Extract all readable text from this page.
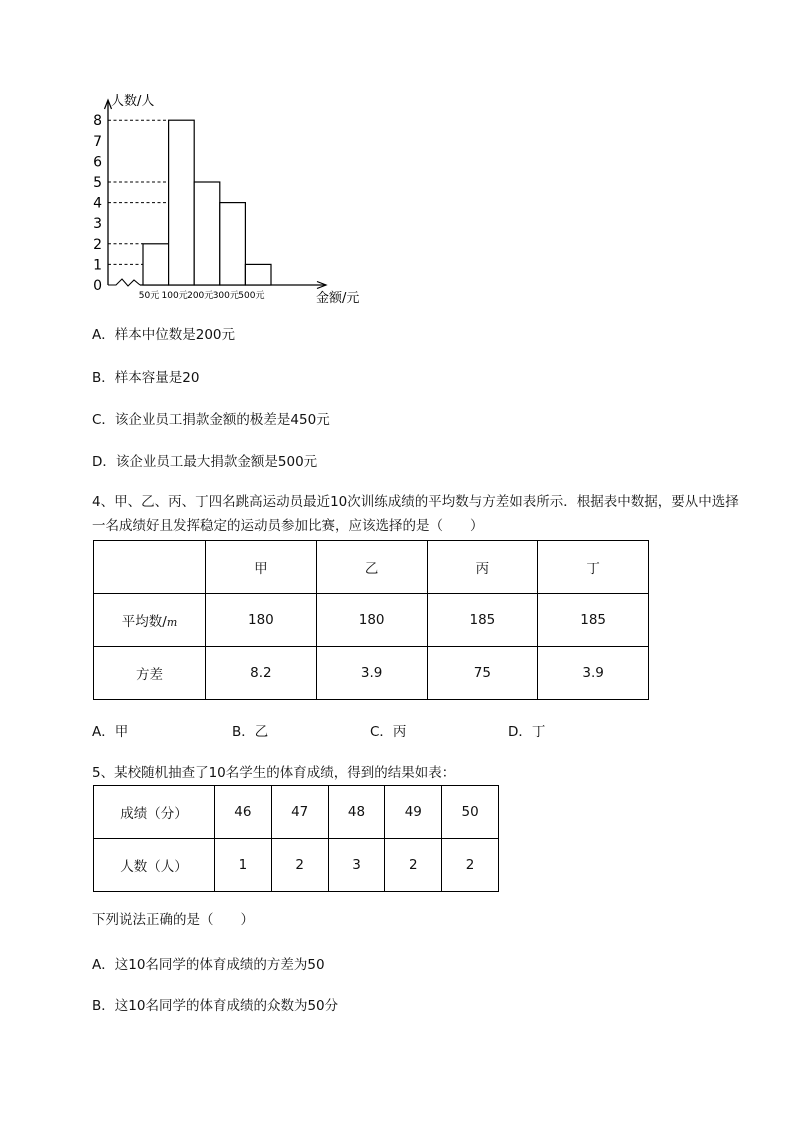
人数/人
金额/元
0
1
2
3
4
5
6
7
8
50元 100元 200元 300元 500元
A．样本中位数是200元
B．样本容量是20
C．该企业员工捐款金额的极差是450元
D．该企业员工最大捐款金额是500元
4、甲、乙、丙、丁四名跳高运动员最近10次训练成绩的平均数与方差如表所示．根据表中数据，要从中选择一名成绩好且发挥稳定的运动员参加比赛，应该选择的是（　　）
	甲	乙	丙	丁
平均数/m	180	180	185	185
方差	8.2	3.9	75	3.9
A．甲	B．乙	C．丙	D．丁
5、某校随机抽查了10名学生的体育成绩，得到的结果如表：
成绩（分）	46	47	48	49	50
人数（人）	1	2	3	2	2
下列说法正确的是（　　）
A．这10名同学的体育成绩的方差为50
B．这10名同学的体育成绩的众数为50分
